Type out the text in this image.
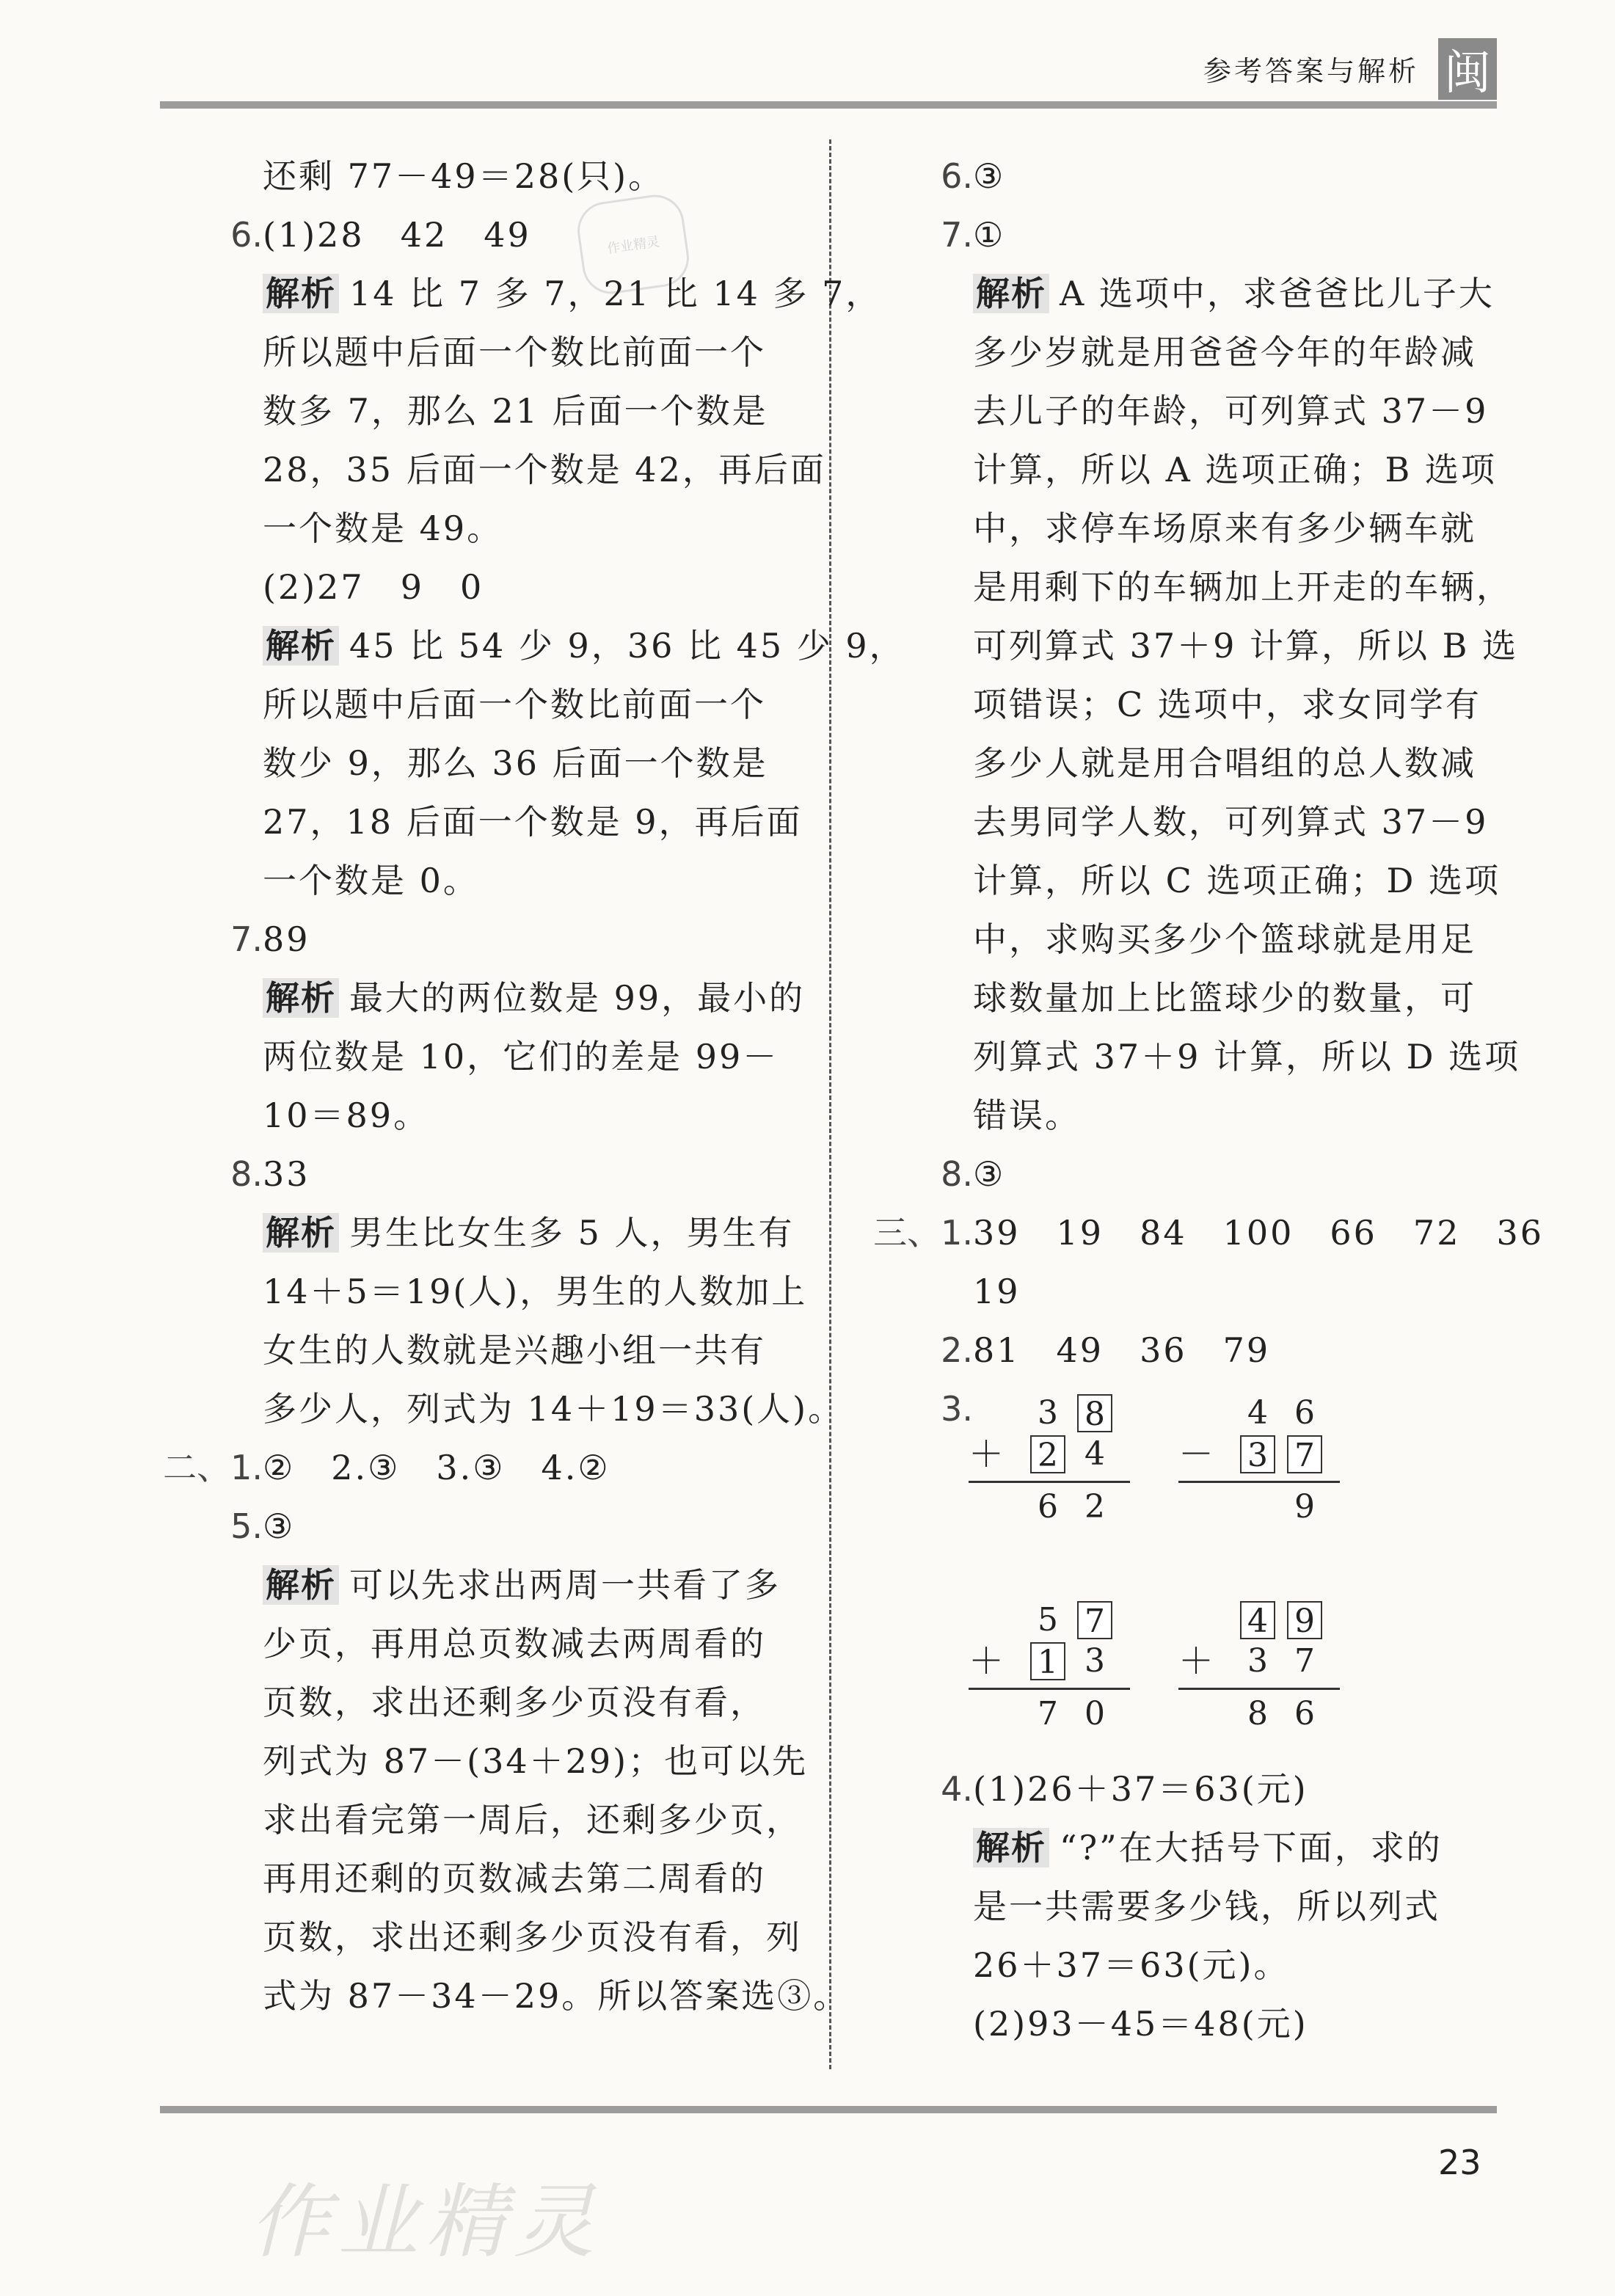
参考答案与解析 闽
作业精灵
还剩 77－49＝28(只)。
6. (1)28　42　49
解析 14 比 7 多 7，21 比 14 多 7，
所以题中后面一个数比前面一个
数多 7，那么 21 后面一个数是
28，35 后面一个数是 42，再后面
一个数是 49。
(2)27　9　0
解析 45 比 54 少 9，36 比 45 少 9，
所以题中后面一个数比前面一个
数少 9，那么 36 后面一个数是
27，18 后面一个数是 9，再后面
一个数是 0。
7. 89
解析 最大的两位数是 99，最小的
两位数是 10，它们的差是 99－
10＝89。
8. 33
解析 男生比女生多 5 人，男生有
14＋5＝19(人)，男生的人数加上
女生的人数就是兴趣小组一共有
多少人，列式为 14＋19＝33(人)。
二、1. ②　2.③　3.③　4.②
5. ③
解析 可以先求出两周一共看了多
少页，再用总页数减去两周看的
页数，求出还剩多少页没有看，
列式为 87－(34＋29)；也可以先
求出看完第一周后，还剩多少页，
再用还剩的页数减去第二周看的
页数，求出还剩多少页没有看，列
式为 87－34－29。所以答案选③。
6. ③
7. ①
解析 A 选项中，求爸爸比儿子大
多少岁就是用爸爸今年的年龄减
去儿子的年龄，可列算式 37－9
计算，所以 A 选项正确；B 选项
中，求停车场原来有多少辆车就
是用剩下的车辆加上开走的车辆，
可列算式 37＋9 计算，所以 B 选
项错误；C 选项中，求女同学有
多少人就是用合唱组的总人数减
去男同学人数，可列算式 37－9
计算，所以 C 选项正确；D 选项
中，求购买多少个篮球就是用足
球数量加上比篮球少的数量，可
列算式 37＋9 计算，所以 D 选项
错误。
8. ③
三、1. 39　19　84　100　66　72　36
19
2. 81　49　36　79
3. 3 8
2 4
6 2
＋
4 6
3 7
9
－
5 7
1 3
7 0
＋
4 9
3 7
8 6
＋
4. (1)26＋37＝63(元)
解析 “?”在大括号下面，求的
是一共需要多少钱，所以列式
26＋37＝63(元)。
(2)93－45＝48(元)
23
作业精灵
